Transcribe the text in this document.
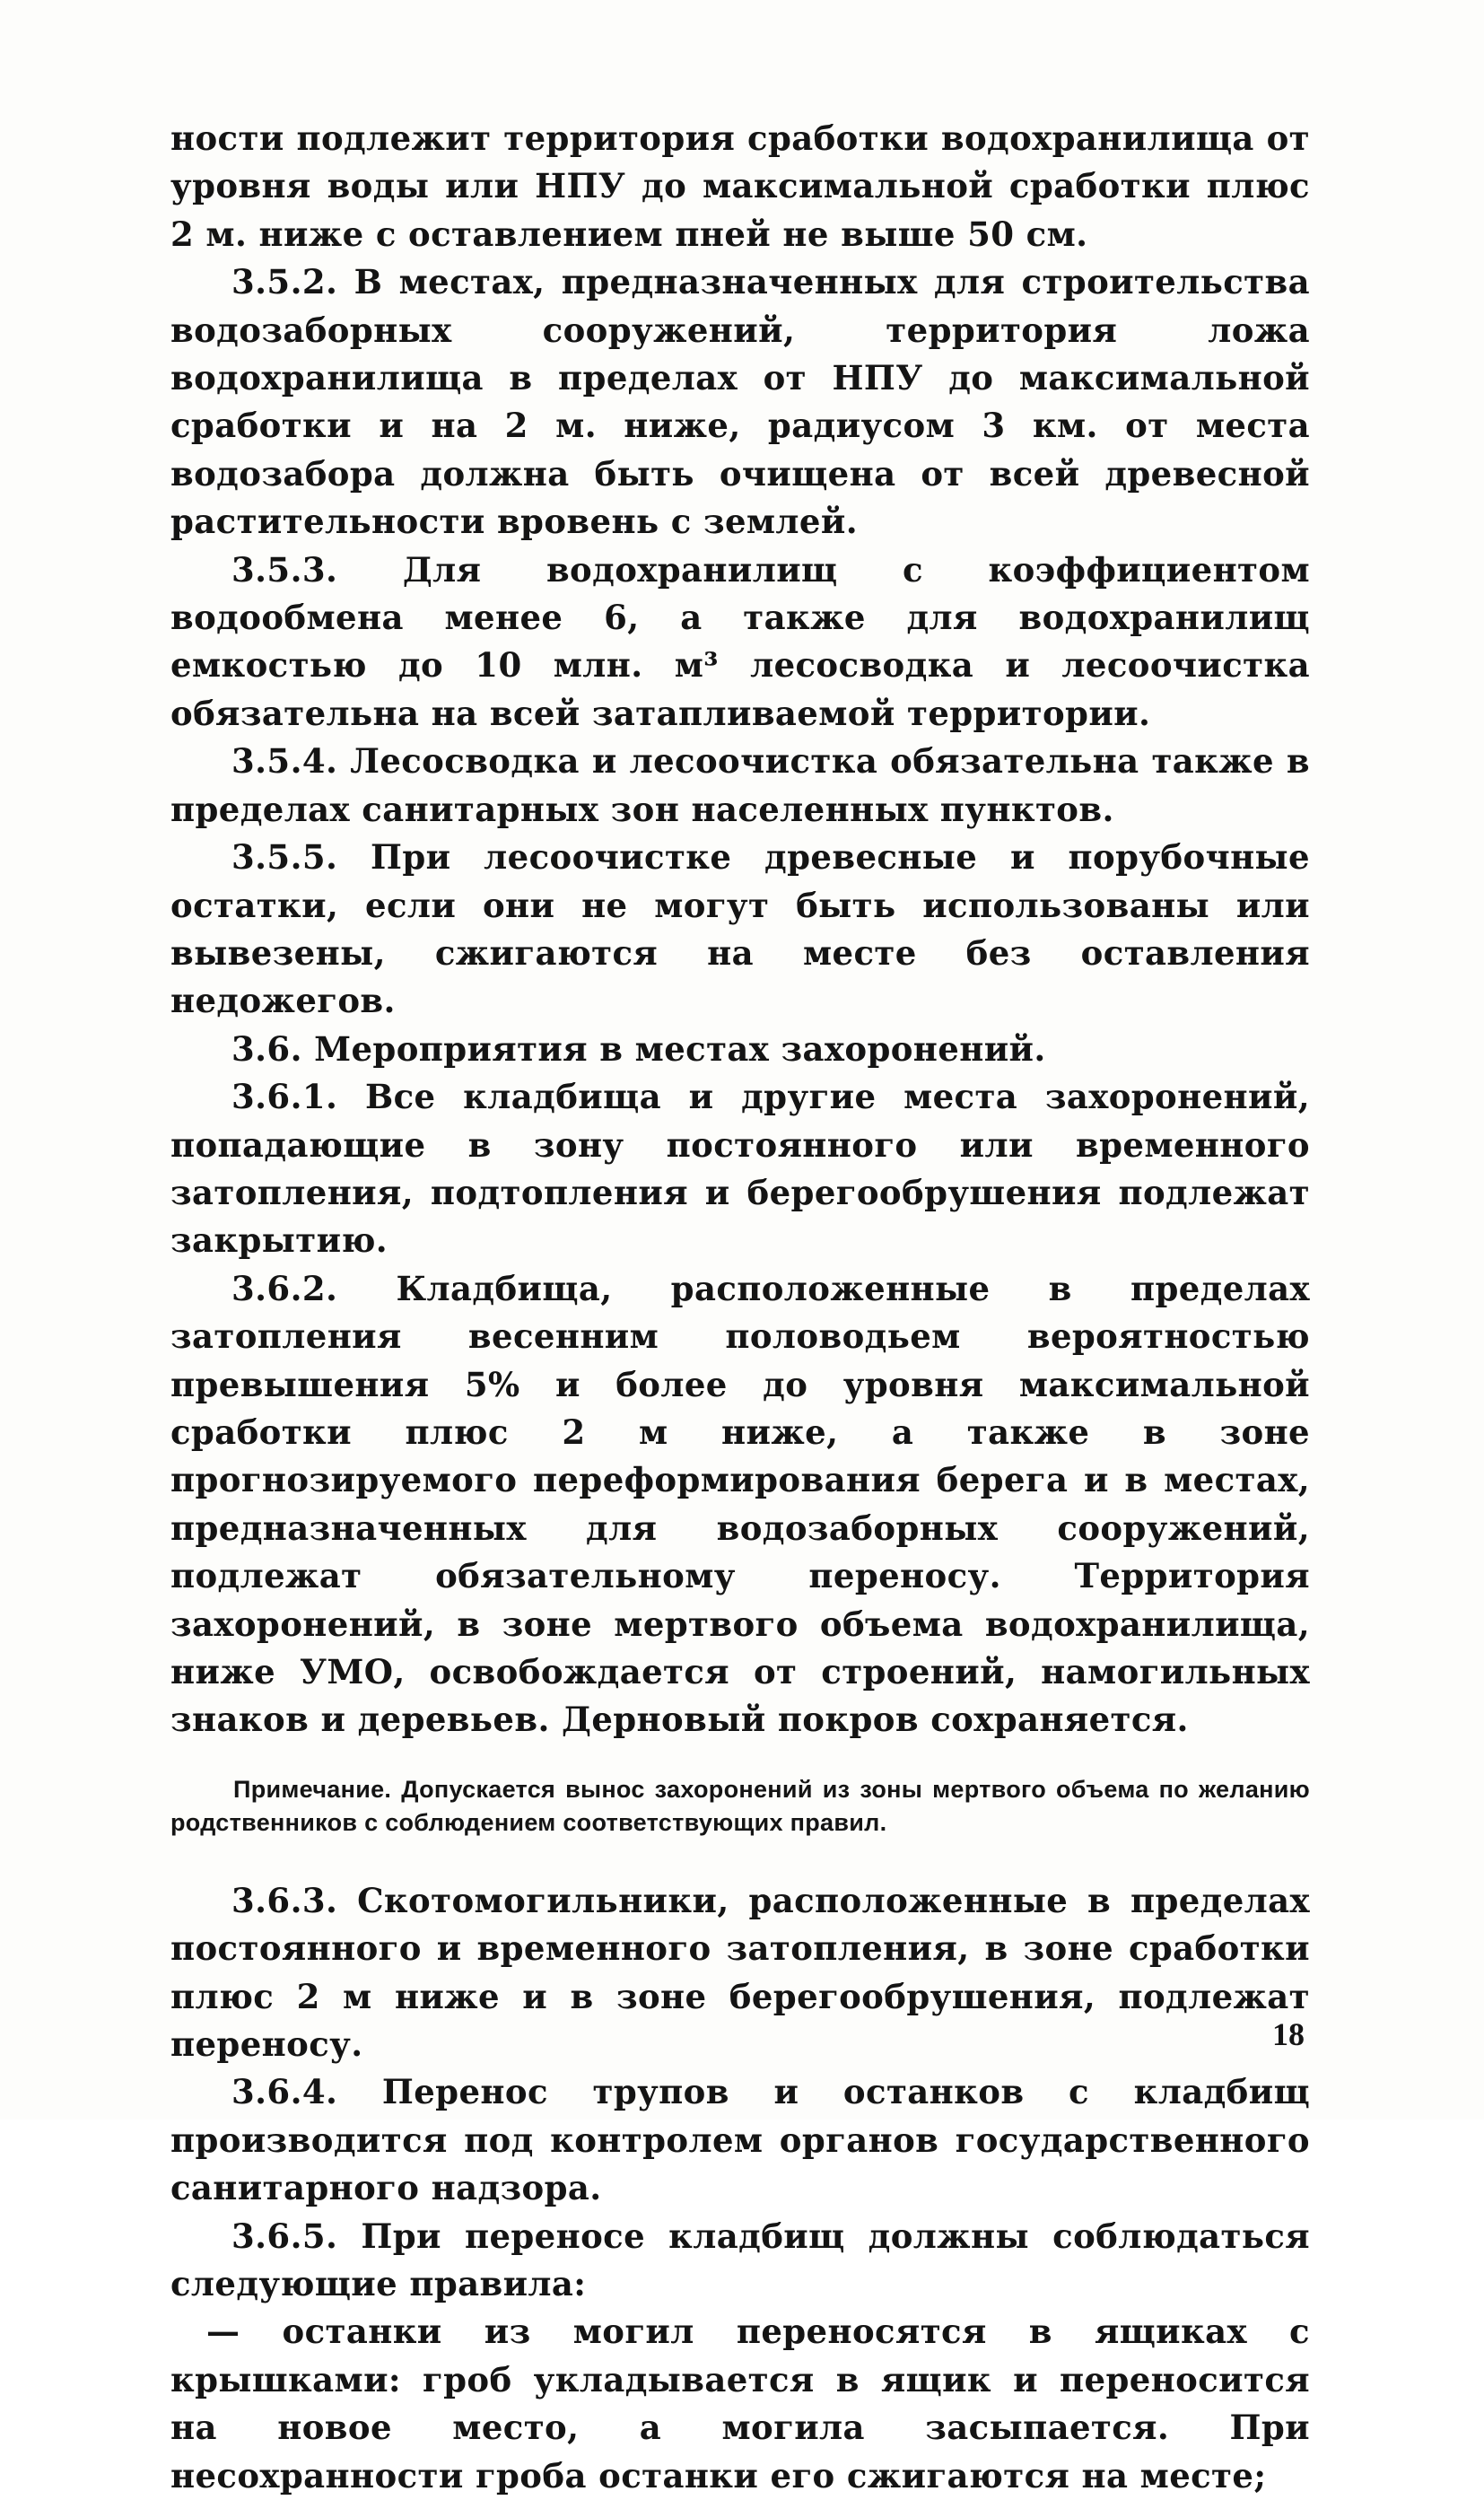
ности подлежит территория сработки водохранилища от уровня воды или НПУ до максимальной сработки плюс 2 м. ниже с оставлением пней не выше 50 см.

3.5.2. В местах, предназначенных для строительства водозаборных сооружений, территория ложа водохранилища в пределах от НПУ до максимальной сработки и на 2 м. ниже, радиусом 3 км. от места водозабора должна быть очищена от всей древесной растительности вровень с землей.

3.5.3. Для водохранилищ с коэффициентом водообмена менее 6, а также для водохранилищ емкостью до 10 млн. м³ лесосводка и лесоочистка обязательна на всей затапливаемой территории.

3.5.4. Лесосводка и лесоочистка обязательна также в пределах санитарных зон населенных пунктов.

3.5.5. При лесоочистке древесные и порубочные остатки, если они не могут быть использованы или вывезены, сжигаются на месте без оставления недожегов.

3.6. Мероприятия в местах захоронений.

3.6.1. Все кладбища и другие места захоронений, попадающие в зону постоянного или временного затопления, подтопления и берегообрушения подлежат закрытию.

3.6.2. Кладбища, расположенные в пределах затопления весенним половодьем вероятностью превышения 5% и более до уровня максимальной сработки плюс 2 м ниже, а также в зоне прогнозируемого переформирования берега и в местах, предназначенных для водозаборных сооружений, подлежат обязательному переносу. Территория захоронений, в зоне мертвого объема водохранилища, ниже УМО, освобождается от строений, намогильных знаков и деревьев. Дерновый покров сохраняется.

Примечание. Допускается вынос захоронений из зоны мертвого объема по желанию родственников с соблюдением соответствующих правил.

3.6.3. Скотомогильники, расположенные в пределах постоянного и временного затопления, в зоне сработки плюс 2 м ниже и в зоне берегообрушения, подлежат переносу.

3.6.4. Перенос трупов и останков с кладбищ производится под контролем органов государственного санитарного надзора.

3.6.5. При переносе кладбищ должны соблюдаться следующие правила:

— останки из могил переносятся в ящиках с крышками: гроб укладывается в ящик и переносится на новое место, а могила засыпается. При несохранности гроба останки его сжигаются на месте;

18
